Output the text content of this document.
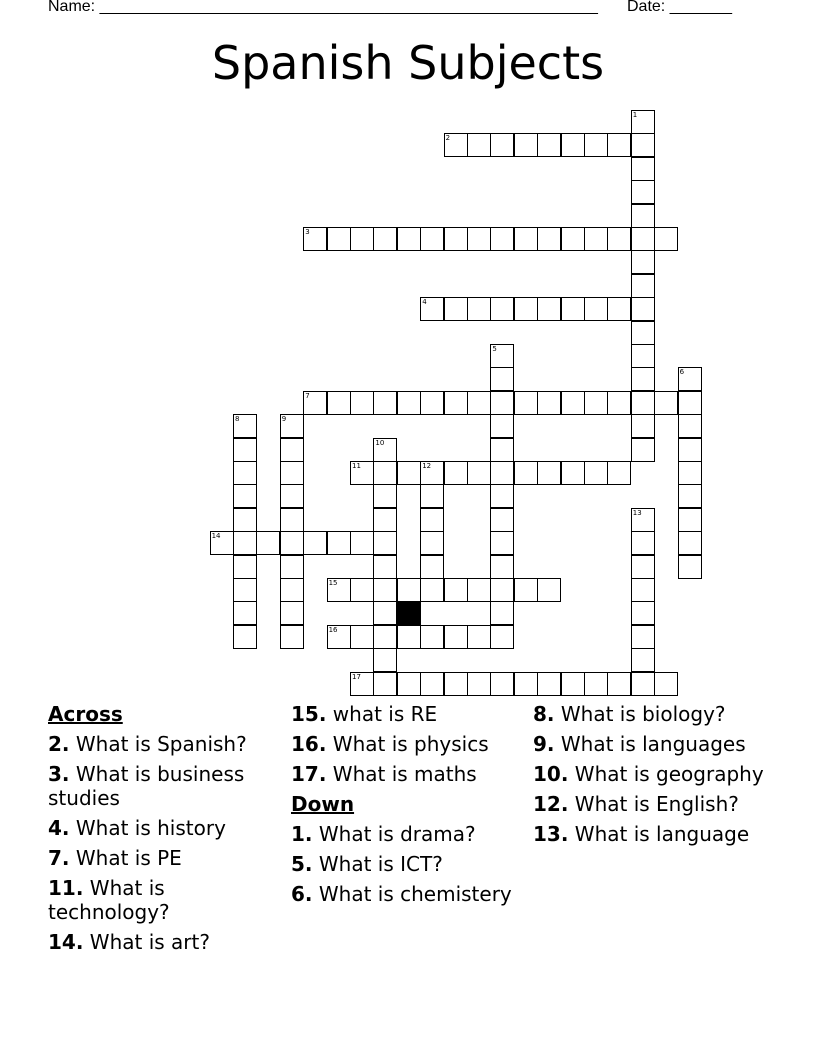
Name: ________________________________________________________ Date: _______
Spanish Subjects
1
2
3
4
5
6
7
8	9
10
11	12
13
14
15
16
17
Across
2. What is Spanish?
3. What is business studies
4. What is history
7. What is PE
11. What is technology?
14. What is art?
15. what is RE
16. What is physics
17. What is maths
Down
1. What is drama?
5. What is ICT?
6. What is chemistery
8. What is biology?
9. What is languages
10. What is geography
12. What is English?
13. What is language
